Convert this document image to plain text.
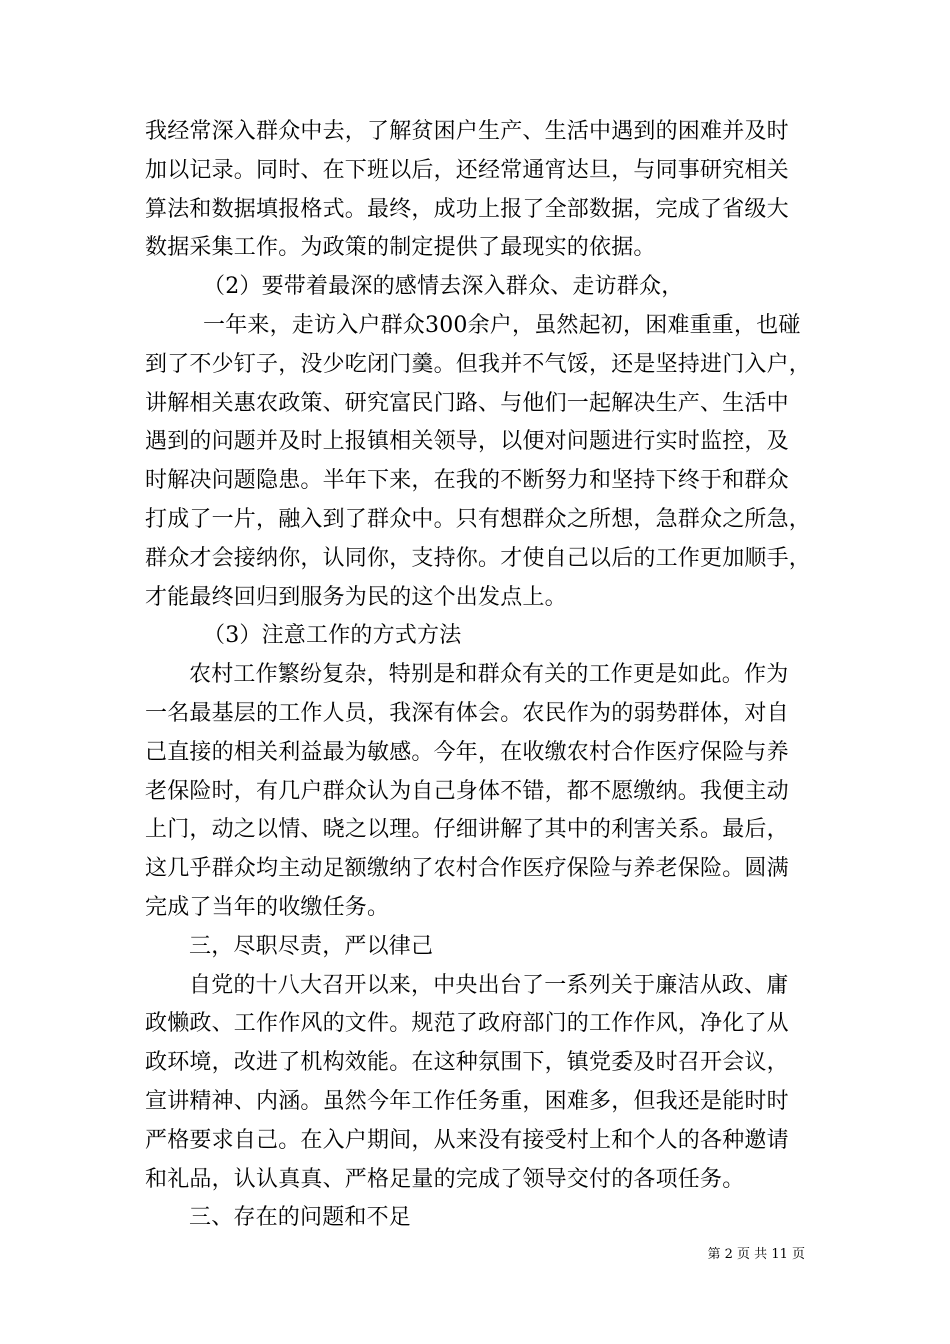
我经常深入群众中去，了解贫困户生产、生活中遇到的困难并及时
加以记录。同时、在下班以后，还经常通宵达旦，与同事研究相关
算法和数据填报格式。最终，成功上报了全部数据，完成了省级大
数据采集工作。为政策的制定提供了最现实的依据。
（2）要带着最深的感情去深入群众、走访群众，
一年来，走访入户群众300余户，虽然起初，困难重重，也碰
到了不少钉子，没少吃闭门羹。但我并不气馁，还是坚持进门入户，
讲解相关惠农政策、研究富民门路、与他们一起解决生产、生活中
遇到的问题并及时上报镇相关领导，以便对问题进行实时监控，及
时解决问题隐患。半年下来，在我的不断努力和坚持下终于和群众
打成了一片，融入到了群众中。只有想群众之所想，急群众之所急，
群众才会接纳你，认同你，支持你。才使自己以后的工作更加顺手，
才能最终回归到服务为民的这个出发点上。
（3）注意工作的方式方法
农村工作繁纷复杂，特别是和群众有关的工作更是如此。作为
一名最基层的工作人员，我深有体会。农民作为的弱势群体，对自
己直接的相关利益最为敏感。今年，在收缴农村合作医疗保险与养
老保险时，有几户群众认为自己身体不错，都不愿缴纳。我便主动
上门，动之以情、晓之以理。仔细讲解了其中的利害关系。最后，
这几乎群众均主动足额缴纳了农村合作医疗保险与养老保险。圆满
完成了当年的收缴任务。
三，尽职尽责，严以律己
自党的十八大召开以来，中央出台了一系列关于廉洁从政、庸
政懒政、工作作风的文件。规范了政府部门的工作作风，净化了从
政环境，改进了机构效能。在这种氛围下，镇党委及时召开会议，
宣讲精神、内涵。虽然今年工作任务重，困难多，但我还是能时时
严格要求自己。在入户期间，从来没有接受村上和个人的各种邀请
和礼品，认认真真、严格足量的完成了领导交付的各项任务。
三、存在的问题和不足
第 2 页 共 11 页
